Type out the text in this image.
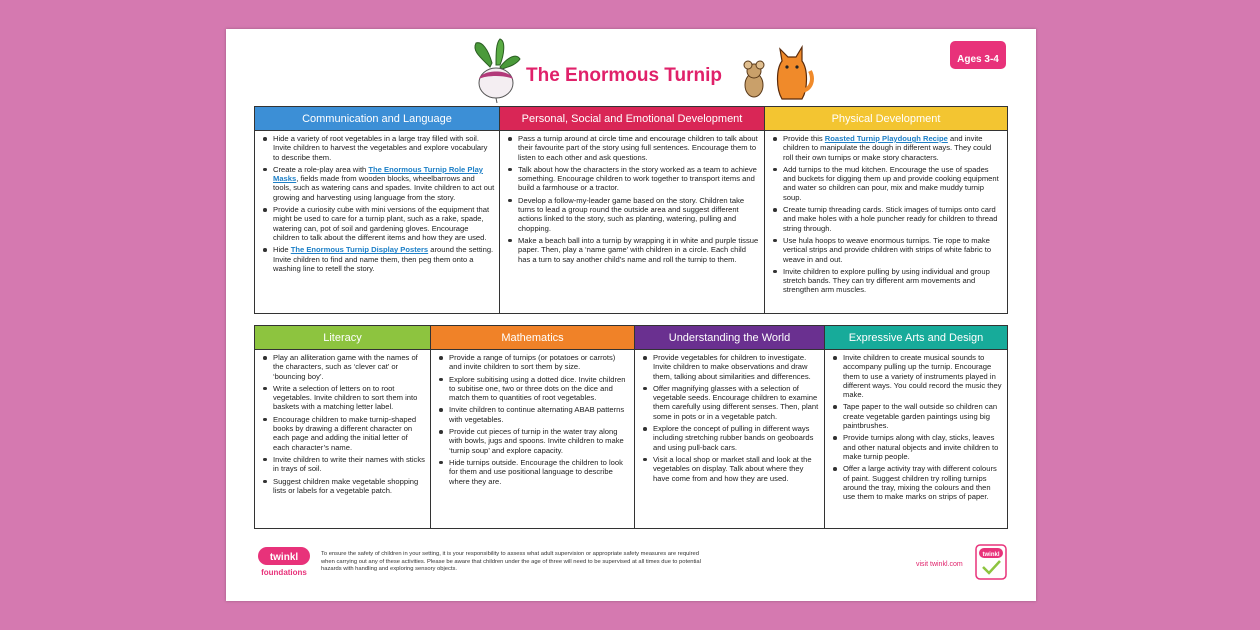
The Enormous Turnip
Ages 3-4
Communication and Language
Hide a variety of root vegetables in a large tray filled with soil. Invite children to harvest the vegetables and explore vocabulary to describe them.
Create a role-play area with The Enormous Turnip Role Play Masks, fields made from wooden blocks, wheelbarrows and tools, such as watering cans and spades. Invite children to act out growing and harvesting using language from the story.
Provide a curiosity cube with mini versions of the equipment that might be used to care for a turnip plant, such as a rake, spade, watering can, pot of soil and gardening gloves. Encourage children to talk about the different items and how they are used.
Hide The Enormous Turnip Display Posters around the setting. Invite children to find and name them, then peg them onto a washing line to retell the story.
Personal, Social and Emotional Development
Pass a turnip around at circle time and encourage children to talk about their favourite part of the story using full sentences. Encourage them to listen to each other and ask questions.
Talk about how the characters in the story worked as a team to achieve something. Encourage children to work together to transport items and build a farmhouse or a tractor.
Develop a follow-my-leader game based on the story. Children take turns to lead a group round the outside area and suggest different actions linked to the story, such as planting, watering, pulling and chopping.
Make a beach ball into a turnip by wrapping it in white and purple tissue paper. Then, play a ‘name game’ with children in a circle. Each child has a turn to say another child’s name and roll the turnip to them.
Physical Development
Provide this Roasted Turnip Playdough Recipe and invite children to manipulate the dough in different ways. They could roll their own turnips or make story characters.
Add turnips to the mud kitchen. Encourage the use of spades and buckets for digging them up and provide cooking equipment and water so children can pour, mix and make muddy turnip soup.
Create turnip threading cards. Stick images of turnips onto card and make holes with a hole puncher ready for children to thread string through.
Use hula hoops to weave enormous turnips. Tie rope to make vertical strips and provide children with strips of white fabric to weave in and out.
Invite children to explore pulling by using individual and group stretch bands. They can try different arm movements and strengthen arm muscles.
Literacy
Play an alliteration game with the names of the characters, such as ‘clever cat’ or ‘bouncing boy’.
Write a selection of letters on to root vegetables. Invite children to sort them into baskets with a matching letter label.
Encourage children to make turnip-shaped books by drawing a different character on each page and adding the initial letter of each character’s name.
Invite children to write their names with sticks in trays of soil.
Suggest children make vegetable shopping lists or labels for a vegetable patch.
Mathematics
Provide a range of turnips (or potatoes or carrots) and invite children to sort them by size.
Explore subitising using a dotted dice. Invite children to subitise one, two or three dots on the dice and match them to quantities of root vegetables.
Invite children to continue alternating ABAB patterns with vegetables.
Provide cut pieces of turnip in the water tray along with bowls, jugs and spoons. Invite children to make ‘turnip soup’ and explore capacity.
Hide turnips outside. Encourage the children to look for them and use positional language to describe where they are.
Understanding the World
Provide vegetables for children to investigate. Invite children to make observations and draw them, talking about similarities and differences.
Offer magnifying glasses with a selection of vegetable seeds. Encourage children to examine them carefully using different senses. Then, plant some in pots or in a vegetable patch.
Explore the concept of pulling in different ways including stretching rubber bands on geoboards and using pull-back cars.
Visit a local shop or market stall and look at the vegetables on display. Talk about where they have come from and how they are used.
Expressive Arts and Design
Invite children to create musical sounds to accompany pulling up the turnip. Encourage them to use a variety of instruments played in different ways. You could record the music they make.
Tape paper to the wall outside so children can create vegetable garden paintings using big paintbrushes.
Provide turnips along with clay, sticks, leaves and other natural objects and invite children to make turnip people.
Offer a large activity tray with different colours of paint. Suggest children try rolling turnips around the tray, mixing the colours and then use them to make marks on strips of paper.
twinkl
foundations
To ensure the safety of children in your setting, it is your responsibility to assess what adult supervision or appropriate safety measures are required when carrying out any of these activities. Please be aware that children under the age of three will need to be supervised at all times due to potential hazards with handling and exploring sensory objects.
visit twinkl.com
twinkl
